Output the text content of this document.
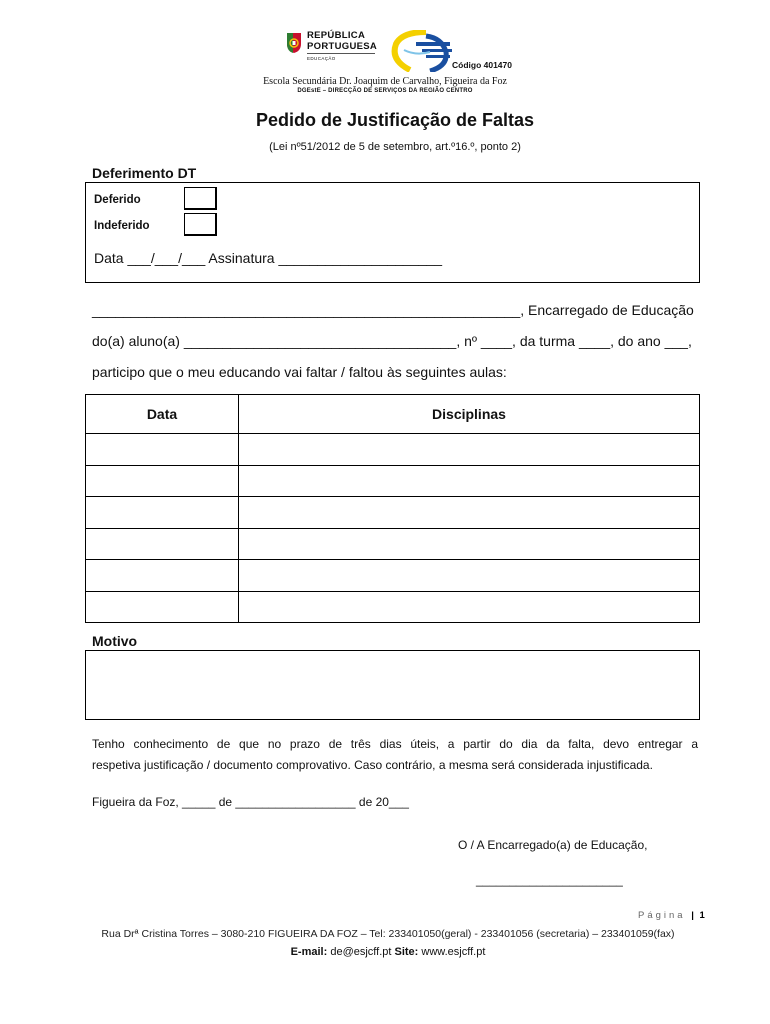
REPÚBLICA
PORTUGUESA
EDUCAÇÃO
Código 401470
Escola Secundária Dr. Joaquim de Carvalho, Figueira da Foz
DGEstE – DIRECÇÃO DE SERVIÇOS DA REGIÃO CENTRO
Pedido de Justificação de Faltas
(Lei nº51/2012 de 5 de setembro, art.º16.º, ponto 2)
Deferimento DT
Deferido
Indeferido
Data ___/___/___ Assinatura _____________________
_______________________________________________________, Encarregado de Educação
do(a) aluno(a) ___________________________________, nº ____, da turma ____, do ano ___,
participo que o meu educando vai faltar / faltou às seguintes aulas:
Data	Disciplinas

Motivo
Tenho conhecimento de que no prazo de três dias úteis, a partir do dia da falta, devo entregar a
respetiva justificação / documento comprovativo. Caso contrário, a mesma será considerada injustificada.
Figueira da Foz, _____ de __________________ de 20___
O / A Encarregado(a) de Educação,
______________________
Página | 1
Rua Drª Cristina Torres – 3080-210 FIGUEIRA DA FOZ – Tel: 233401050(geral) - 233401056 (secretaria) – 233401059(fax)
E-mail: de@esjcff.pt Site: www.esjcff.pt
